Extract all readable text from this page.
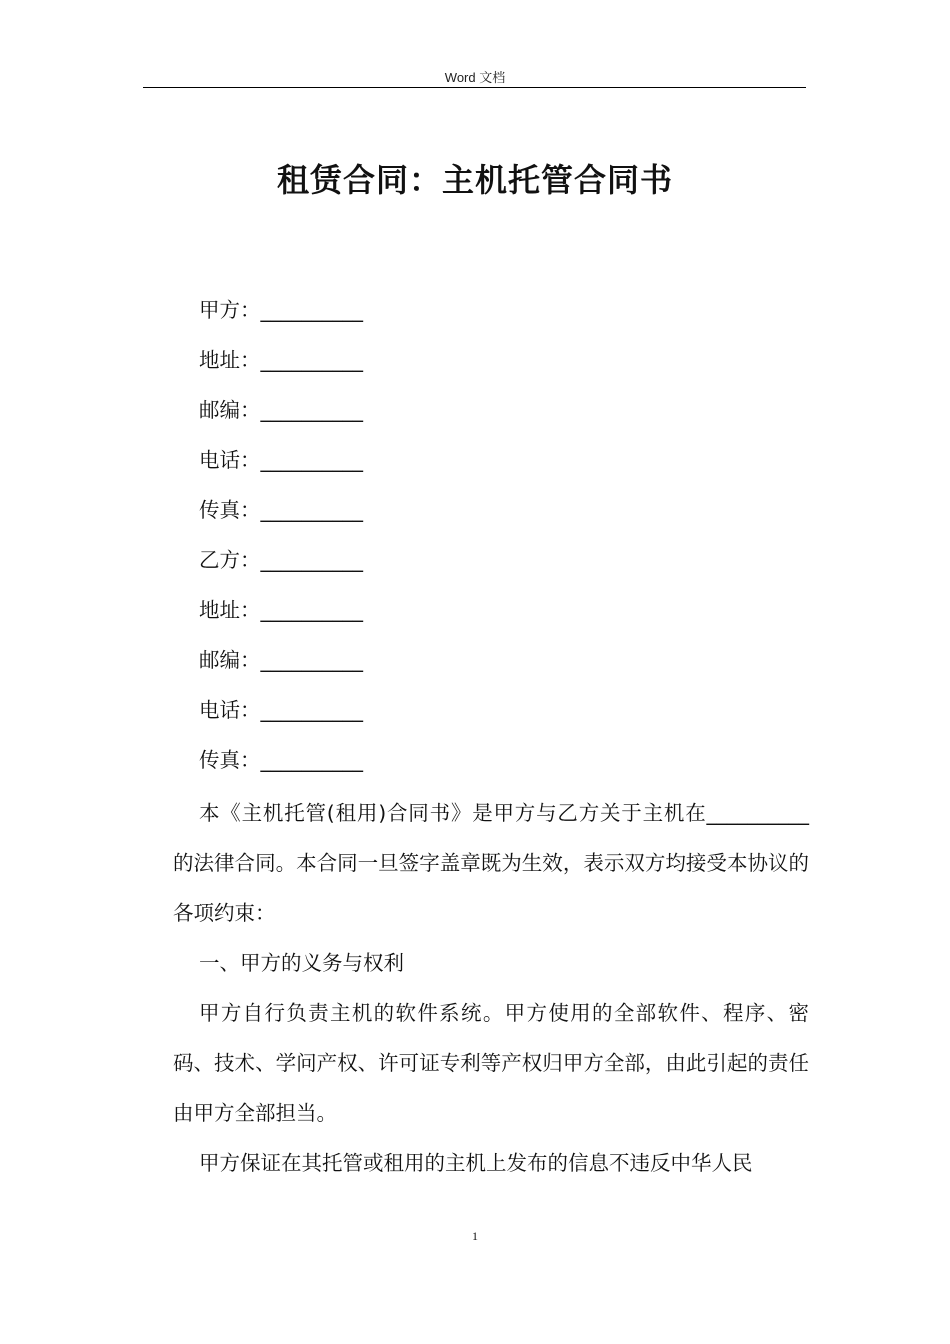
Word 文档
租赁合同：主机托管合同书
甲方：__________
地址：__________
邮编：__________
电话：__________
传真：__________
乙方：__________
地址：__________
邮编：__________
电话：__________
传真：__________

本《主机托管(租用)合同书》是甲方与乙方关于主机在__________的法律合同。本合同一旦签字盖章既为生效，表示双方均接受本协议的各项约束：

一、甲方的义务与权利

甲方自行负责主机的软件系统。甲方使用的全部软件、程序、密码、技术、学问产权、许可证专利等产权归甲方全部，由此引起的责任由甲方全部担当。

甲方保证在其托管或租用的主机上发布的信息不违反中华人民

1
